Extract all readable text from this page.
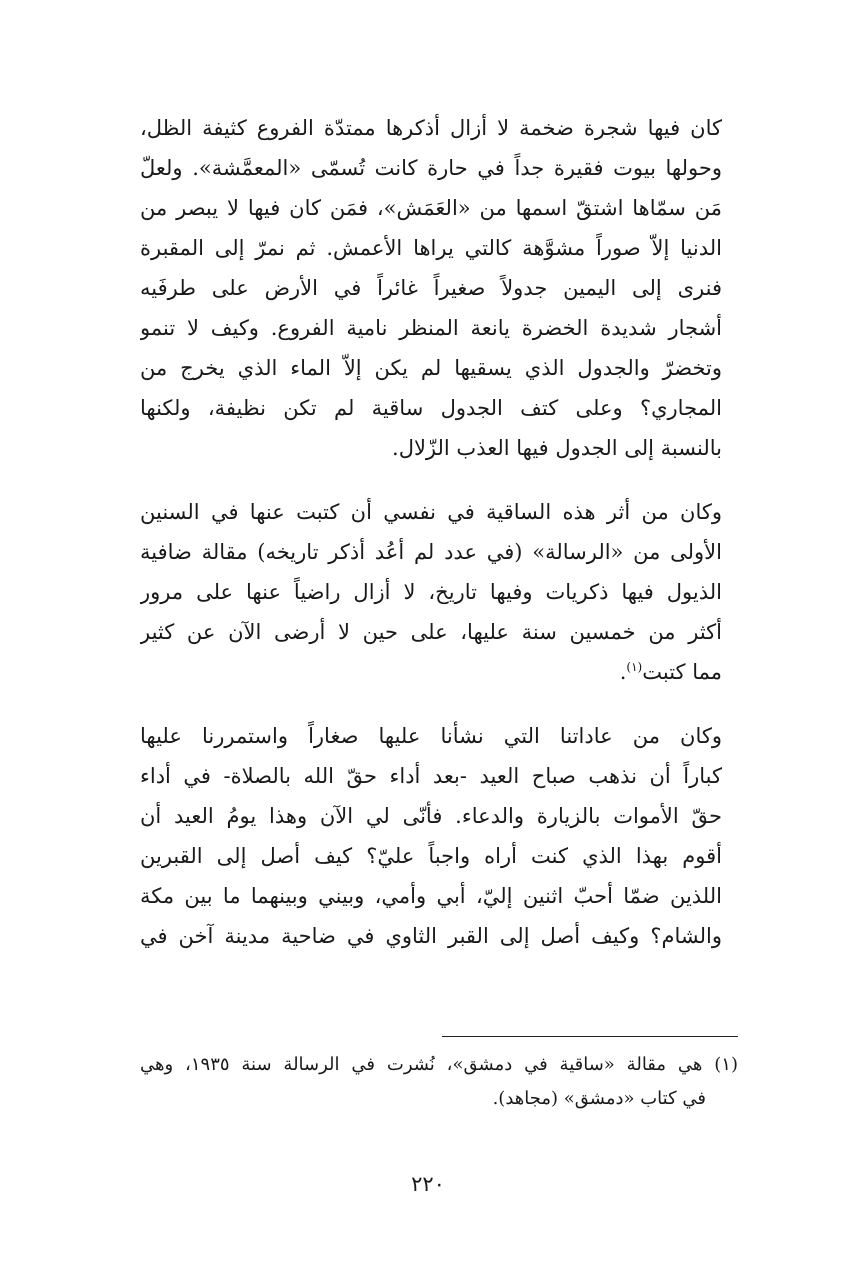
كان فيها شجرة ضخمة لا أزال أذكرها ممتدّة الفروع كثيفة الظل،
وحولها بيوت فقيرة جداً في حارة كانت تُسمّى «المعمَّشة». ولعلّ
مَن سمّاها اشتقّ اسمها من «العَمَش»، فمَن كان فيها لا يبصر من
الدنيا إلاّ صوراً مشوَّهة كالتي يراها الأعمش. ثم نمرّ إلى المقبرة
فنرى إلى اليمين جدولاً صغيراً غائراً في الأرض على طرفَيه
أشجار شديدة الخضرة يانعة المنظر نامية الفروع. وكيف لا تنمو
وتخضرّ والجدول الذي يسقيها لم يكن إلاّ الماء الذي يخرج من
المجاري؟ وعلى كتف الجدول ساقية لم تكن نظيفة، ولكنها
بالنسبة إلى الجدول فيها العذب الزّلال.
وكان من أثر هذه الساقية في نفسي أن كتبت عنها في السنين
الأولى من «الرسالة» (في عدد لم أعُد أذكر تاريخه) مقالة ضافية
الذيول فيها ذكريات وفيها تاريخ، لا أزال راضياً عنها على مرور
أكثر من خمسين سنة عليها، على حين لا أرضى الآن عن كثير
مما كتبت$^{(١)}$.
وكان من عاداتنا التي نشأنا عليها صغاراً واستمررنا عليها
كباراً أن نذهب صباح العيد -بعد أداء حقّ الله بالصلاة- في أداء
حقّ الأموات بالزيارة والدعاء. فأنّى لي الآن وهذا يومُ العيد أن
أقوم بهذا الذي كنت أراه واجباً عليّ؟ كيف أصل إلى القبرين
اللذين ضمّا أحبّ اثنين إليّ، أبي وأمي، وبيني وبينهما ما بين مكة
والشام؟ وكيف أصل إلى القبر الثاوي في ضاحية مدينة آخن في
(١) هي مقالة «ساقية في دمشق»، نُشرت في الرسالة سنة ١٩٣٥، وهي
في كتاب «دمشق» (مجاهد).
٢٢٠
